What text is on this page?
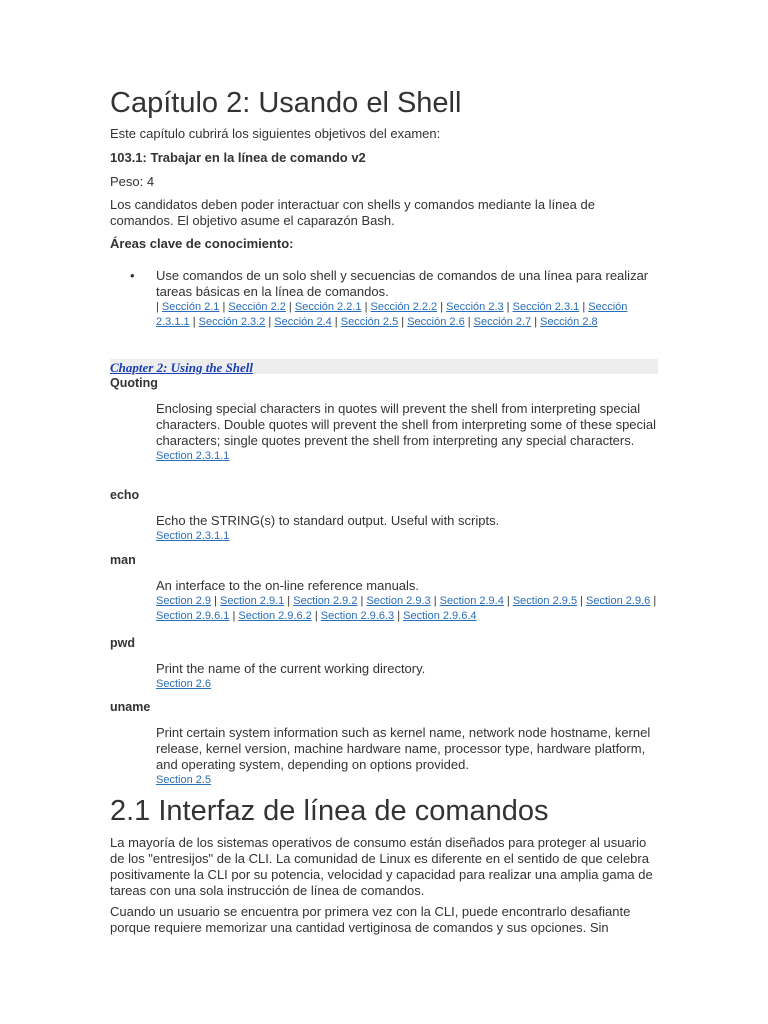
Capítulo 2: Usando el Shell

Este capítulo cubrirá los siguientes objetivos del examen:

103.1: Trabajar en la línea de comando v2

Peso: 4

Los candidatos deben poder interactuar con shells y comandos mediante la línea de comandos. El objetivo asume el caparazón Bash.

Áreas clave de conocimiento:

• Use comandos de un solo shell y secuencias de comandos de una línea para realizar tareas básicas en la línea de comandos.
| Sección 2.1 | Sección 2.2 | Sección 2.2.1 | Sección 2.2.2 | Sección 2.3 | Sección 2.3.1 | Sección 2.3.1.1 | Sección 2.3.2 | Sección 2.4 | Sección 2.5 | Sección 2.6 | Sección 2.7 | Sección 2.8
Chapter 2: Using the Shell
Quoting
Enclosing special characters in quotes will prevent the shell from interpreting special characters. Double quotes will prevent the shell from interpreting some of these special characters; single quotes prevent the shell from interpreting any special characters.
Section 2.3.1.1
echo
Echo the STRING(s) to standard output. Useful with scripts.
Section 2.3.1.1
man
An interface to the on-line reference manuals.
Section 2.9 | Section 2.9.1 | Section 2.9.2 | Section 2.9.3 | Section 2.9.4 | Section 2.9.5 | Section 2.9.6 | Section 2.9.6.1 | Section 2.9.6.2 | Section 2.9.6.3 | Section 2.9.6.4
pwd
Print the name of the current working directory.
Section 2.6
uname
Print certain system information such as kernel name, network node hostname, kernel release, kernel version, machine hardware name, processor type, hardware platform, and operating system, depending on options provided.
Section 2.5
2.1 Interfaz de línea de comandos

La mayoría de los sistemas operativos de consumo están diseñados para proteger al usuario de los "entresijos" de la CLI. La comunidad de Linux es diferente en el sentido de que celebra positivamente la CLI por su potencia, velocidad y capacidad para realizar una amplia gama de tareas con una sola instrucción de línea de comandos.

Cuando un usuario se encuentra por primera vez con la CLI, puede encontrarlo desafiante porque requiere memorizar una cantidad vertiginosa de comandos y sus opciones. Sin
